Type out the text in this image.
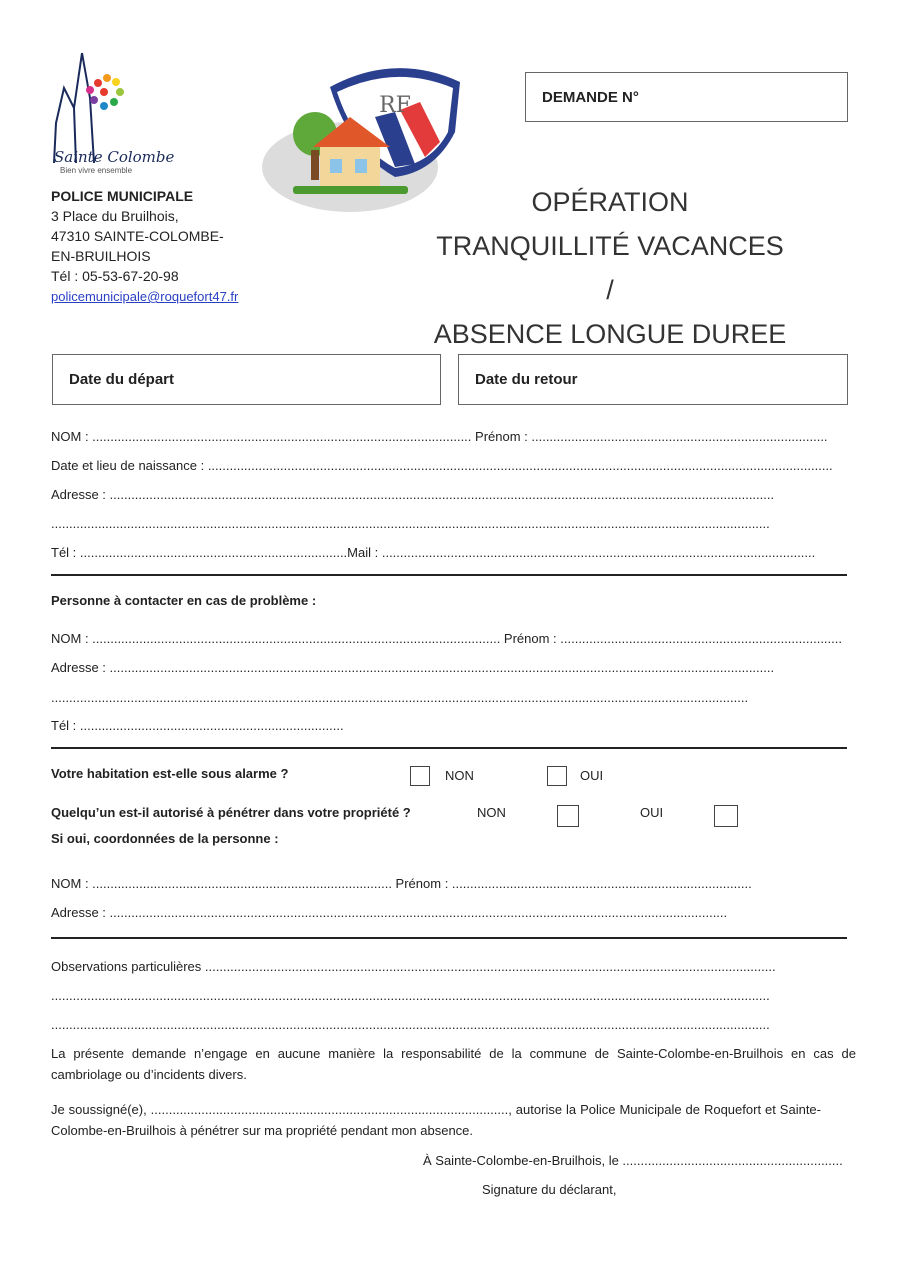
Sainte Colombe
Bien vivre ensemble
RF
POLICE MUNICIPALE
3 Place du Bruilhois,
47310 SAINTE-COLOMBE-
EN-BRUILHOIS
Tél : 05-53-67-20-98
policemunicipale@roquefort47.fr
DEMANDE N°
OPÉRATION
TRANQUILLITÉ VACANCES /
ABSENCE LONGUE DUREE
Date du départ	Date du retour
NOM : ......................................................................................................... Prénom : ..................................................................................
Date et lieu de naissance : .............................................................................................................................................................................
Adresse : ........................................................................................................................................................................................
.......................................................................................................................................................................................................
Tél : ..........................................................................Mail : ........................................................................................................................
Personne à contacter en cas de problème :
NOM : ................................................................................................................. Prénom : ..............................................................................
Adresse : ........................................................................................................................................................................................
.................................................................................................................................................................................................
Tél : .........................................................................
Votre habitation est-elle sous alarme ?	NON	OUI
Quelqu’un est-il autorisé à pénétrer dans votre propriété ?	NON	OUI
Si oui, coordonnées de la personne :
NOM : ................................................................................... Prénom : ...................................................................................
Adresse : ...........................................................................................................................................................................
Observations particulières ..............................................................................................................................................................
.......................................................................................................................................................................................................
.......................................................................................................................................................................................................
La présente demande n’engage en aucune manière la responsabilité de la commune de Sainte-Colombe-en-Bruilhois en cas de cambriolage ou d’incidents divers.
Je soussigné(e), ..................................................................................................., autorise la Police Municipale de Roquefort et Sainte-Colombe-en-Bruilhois à pénétrer sur ma propriété pendant mon absence.
À Sainte-Colombe-en-Bruilhois, le .............................................................
Signature du déclarant,
